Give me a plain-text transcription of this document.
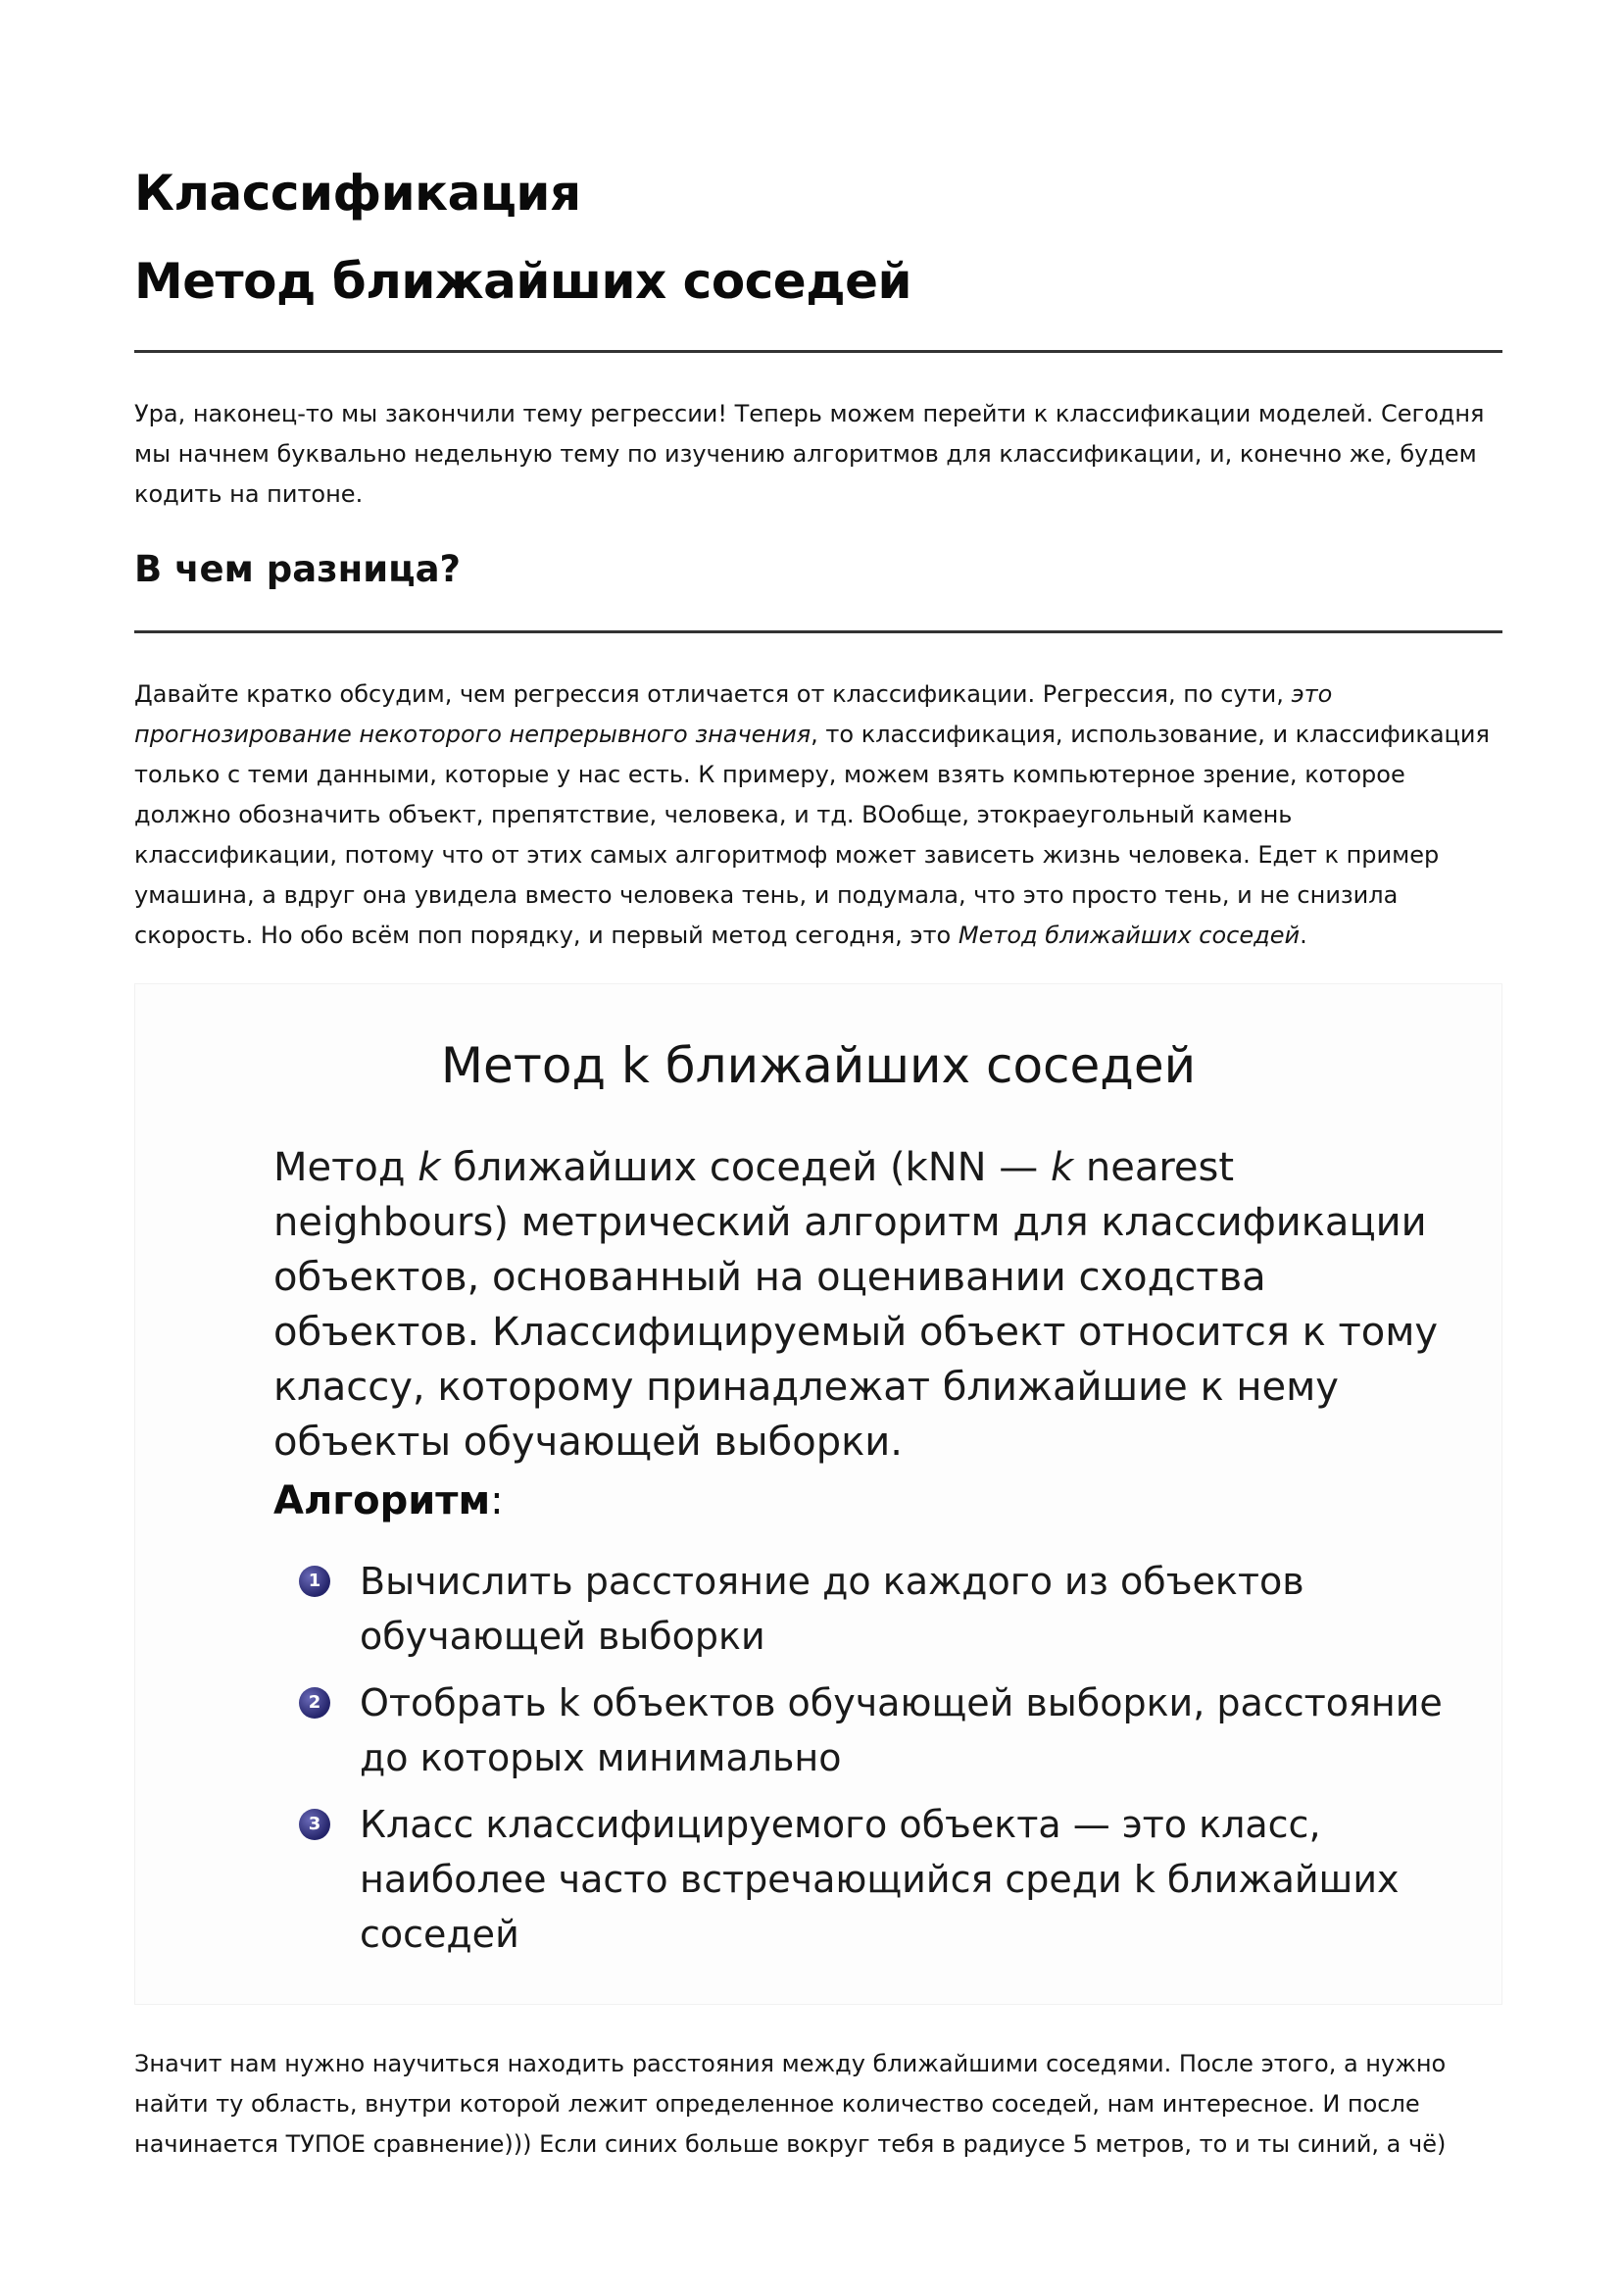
Классификация
Метод ближайших соседей

Ура, наконец-то мы закончили тему регрессии! Теперь можем перейти к классификации моделей. Сегодня мы начнем буквально недельную тему по изучению алгоритмов для классификации, и, конечно же, будем кодить на питоне.

В чем разница?

Давайте кратко обсудим, чем регрессия отличается от классификации. Регрессия, по сути, это прогнозирование некоторого непрерывного значения, то классификация, использование, и классификация только с теми данными, которые у нас есть. К примеру, можем взять компьютерное зрение, которое должно обозначить объект, препятствие, человека, и тд. ВОобще, этокраеугольный камень классификации, потому что от этих самых алгоритмоф может зависеть жизнь человека. Едет к пример умашина, а вдруг она увидела вместо человека тень, и подумала, что это просто тень, и не снизила скорость. Но обо всём поп порядку, и первый метод сегодня, это Метод ближайших соседей.

Метод k ближайших соседей
Метод k ближайших соседей (kNN — k nearest neighbours) метрический алгоритм для классификации объектов, основанный на оценивании сходства объектов. Классифицируемый объект относится к тому классу, которому принадлежат ближайшие к нему объекты обучающей выборки.
Алгоритм:
1 Вычислить расстояние до каждого из объектов обучающей выборки
2 Отобрать k объектов обучающей выборки, расстояние до которых минимально
3 Класс классифицируемого объекта — это класс, наиболее часто встречающийся среди k ближайших соседей

Значит нам нужно научиться находить расстояния между ближайшими соседями. После этого, а нужно найти ту область, внутри которой лежит определенное количество соседей, нам интересное. И после начинается ТУПОЕ сравнение))) Если синих больше вокруг тебя в радиусе 5 метров, то и ты синий, а чё)
